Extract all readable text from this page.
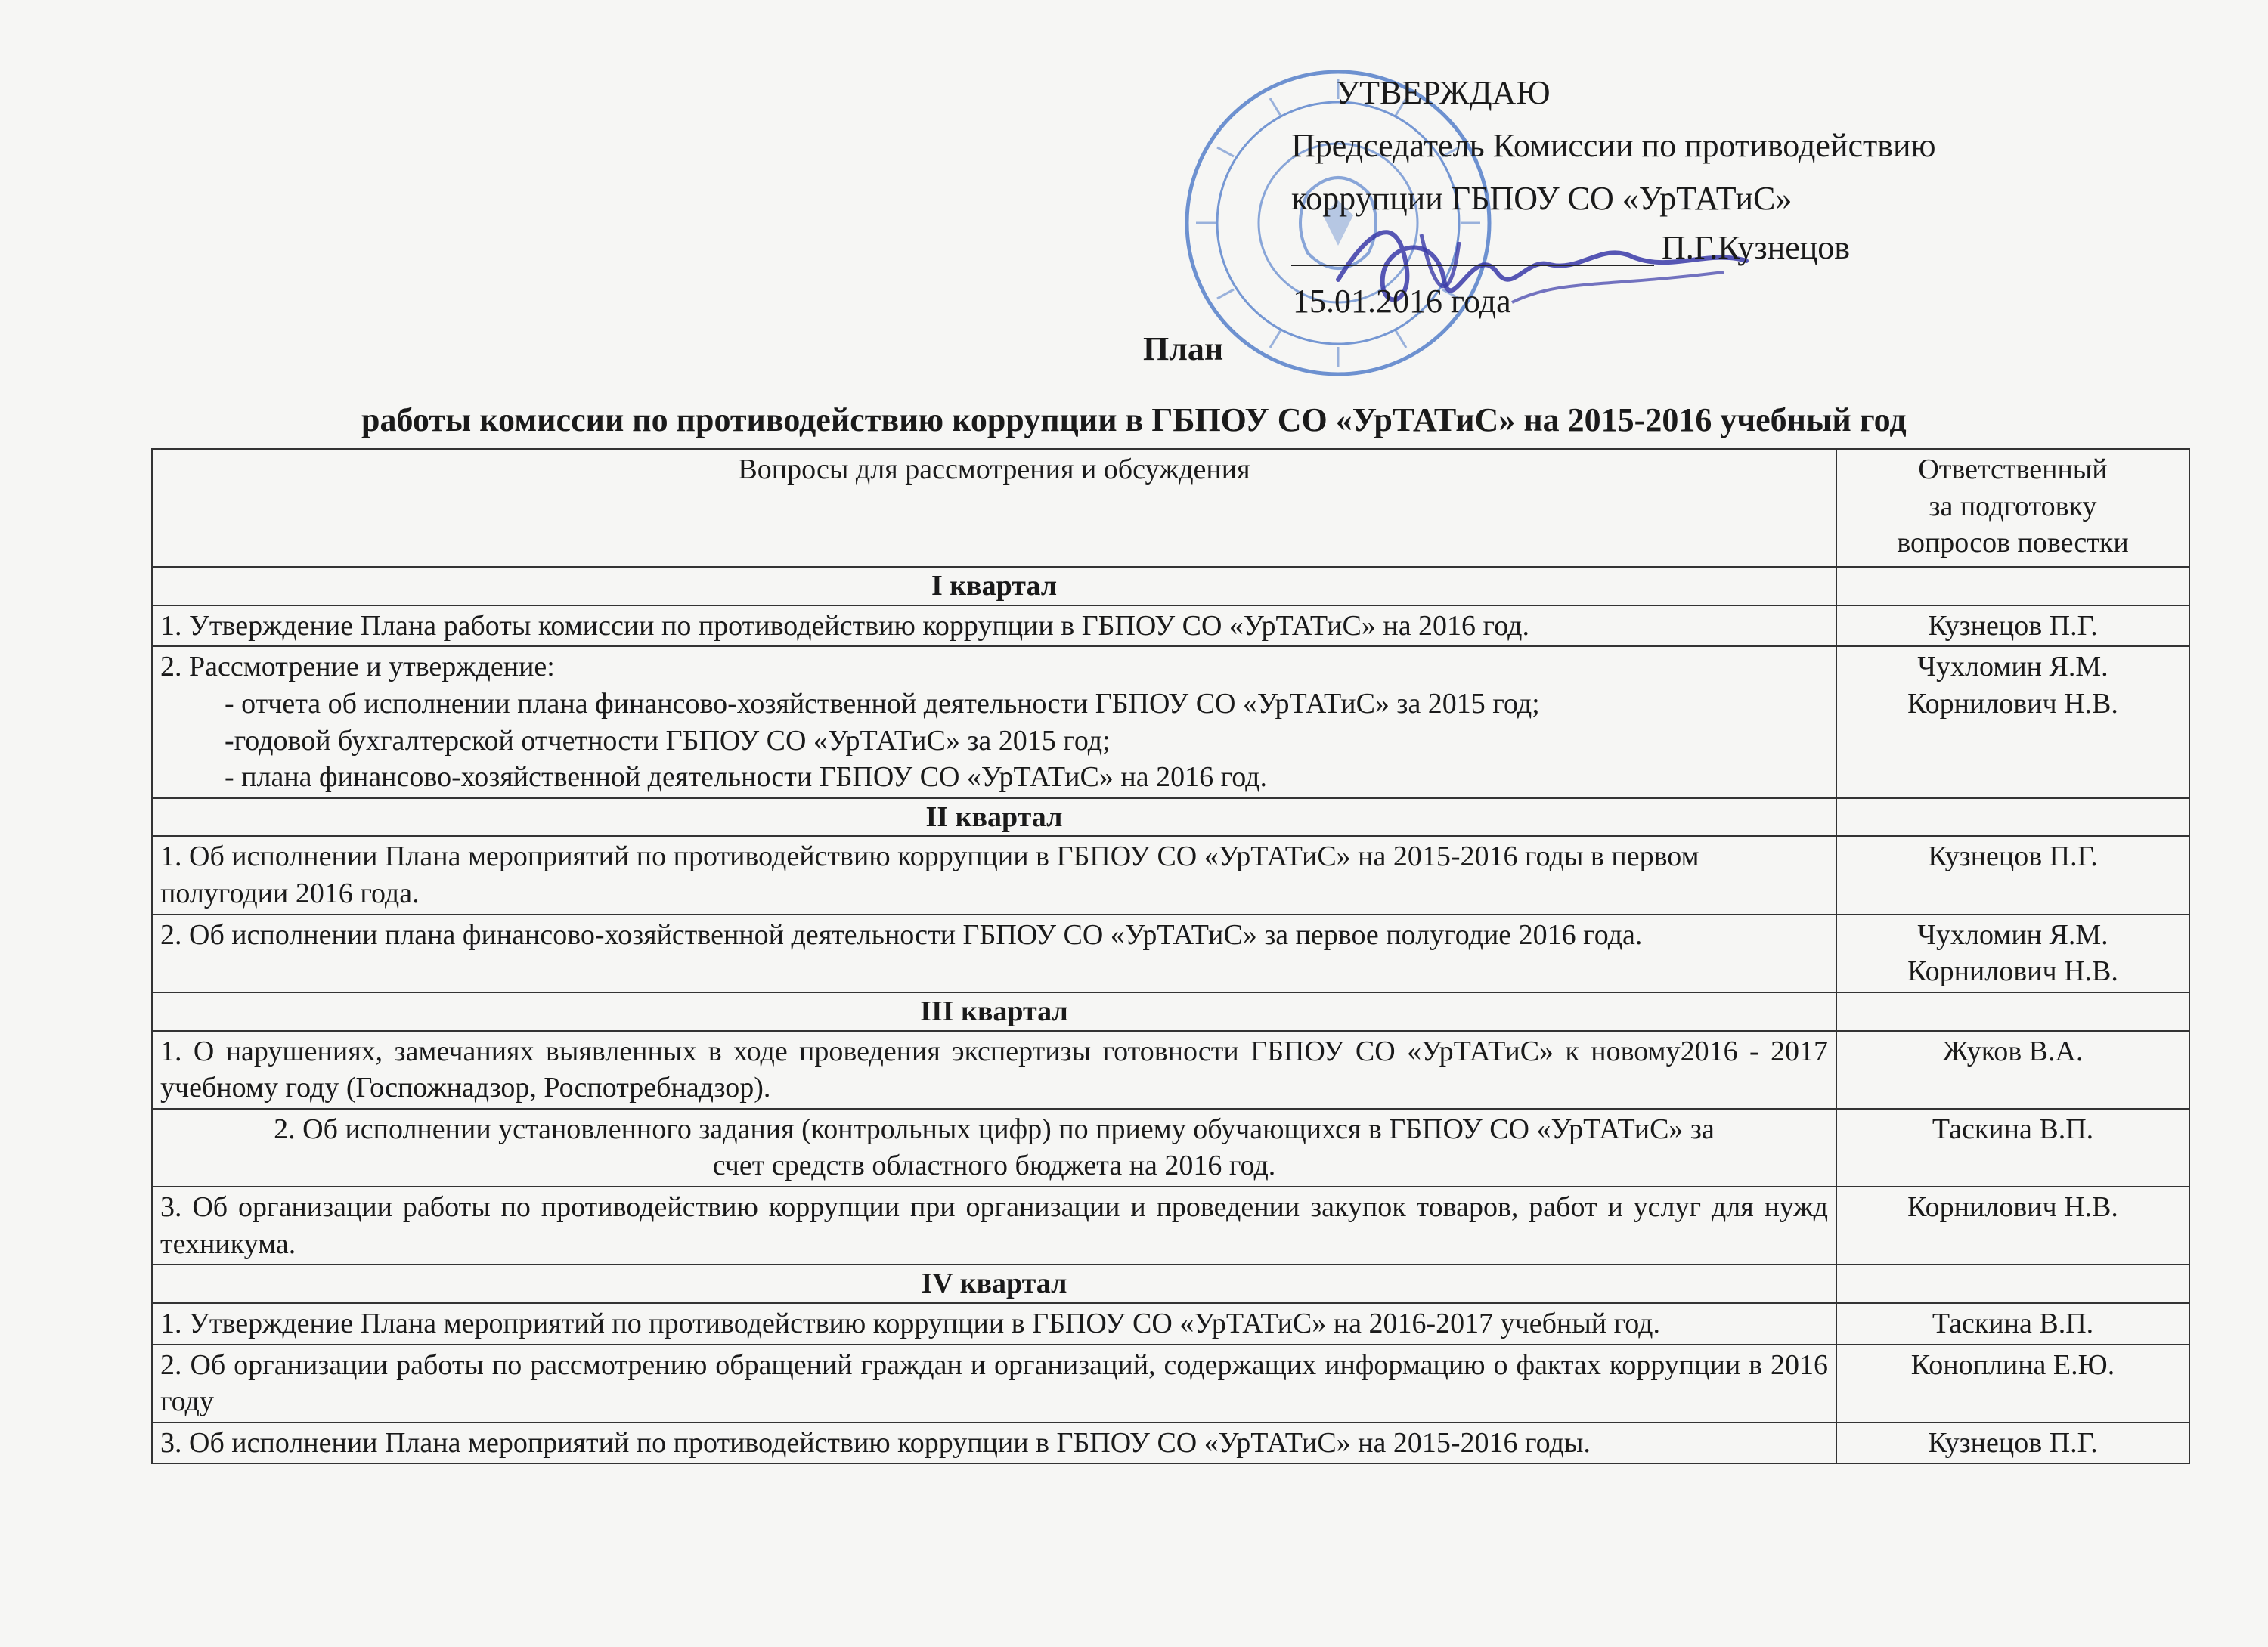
УТВЕРЖДАЮ
Председатель Комиссии по противодействию
коррупции ГБПОУ СО «УрТАТиС»
П.Г.Кузнецов
15.01.2016 года
План
работы комиссии по противодействию коррупции в ГБПОУ СО «УрТАТиС» на 2015-2016 учебный год
Вопросы для рассмотрения и обсуждения	Ответственный
за подготовку
вопросов повестки
I квартал	
1. Утверждение Плана работы комиссии по противодействию коррупции в ГБПОУ СО «УрТАТиС» на 2016 год.	Кузнецов П.Г.
2. Рассмотрение и утверждение:
- отчета об исполнении плана финансово-хозяйственной деятельности ГБПОУ СО «УрТАТиС» за 2015 год;
-годовой бухгалтерской отчетности ГБПОУ СО «УрТАТиС» за 2015 год;
- плана финансово-хозяйственной деятельности ГБПОУ СО «УрТАТиС» на 2016 год.	Чухломин Я.М.
Корнилович Н.В.
II квартал	
1. Об исполнении Плана мероприятий по противодействию коррупции в ГБПОУ СО «УрТАТиС» на 2015-2016 годы в первом полугодии 2016 года.	Кузнецов П.Г.
2. Об исполнении плана финансово-хозяйственной деятельности ГБПОУ СО «УрТАТиС» за первое полугодие 2016 года.	Чухломин Я.М.
Корнилович Н.В.
III квартал	
1. О нарушениях, замечаниях выявленных в ходе проведения экспертизы готовности ГБПОУ СО «УрТАТиС» к новому2016 - 2017 учебному году (Госпожнадзор, Роспотребнадзор).	Жуков В.А.
2. Об исполнении установленного задания (контрольных цифр) по приему обучающихся в ГБПОУ СО «УрТАТиС» за
счет средств областного бюджета на 2016 год.	Таскина В.П.
3. Об организации работы по противодействию коррупции при организации и проведении закупок товаров, работ и услуг для нужд техникума.	Корнилович Н.В.
IV квартал	
1. Утверждение Плана мероприятий по противодействию коррупции в ГБПОУ СО «УрТАТиС» на 2016-2017 учебный год.	Таскина В.П.
2. Об организации работы по рассмотрению обращений граждан и организаций, содержащих информацию о фактах коррупции в 2016 году	Коноплина Е.Ю.
3. Об исполнении Плана мероприятий по противодействию коррупции в ГБПОУ СО «УрТАТиС» на 2015-2016 годы.	Кузнецов П.Г.
